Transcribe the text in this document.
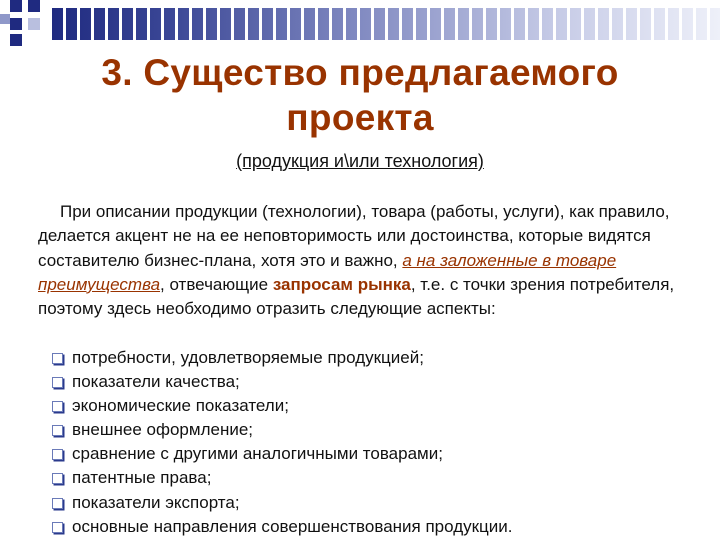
3. Существо предлагаемого
проекта
(продукция и\или технология)
При описании продукции (технологии), товара (работы, услуги), как правило, делается акцент не на ее неповторимость или достоинства, которые видятся составителю бизнес-плана, хотя это и важно, а на заложенные в товаре преимущества, отвечающие запросам рынка, т.е. с точки зрения потребителя, поэтому здесь необходимо отразить следующие аспекты:
потребности, удовлетворяемые продукцией;
показатели качества;
экономические показатели;
внешнее оформление;
сравнение с другими аналогичными товарами;
патентные права;
показатели экспорта;
основные направления совершенствования продукции.
